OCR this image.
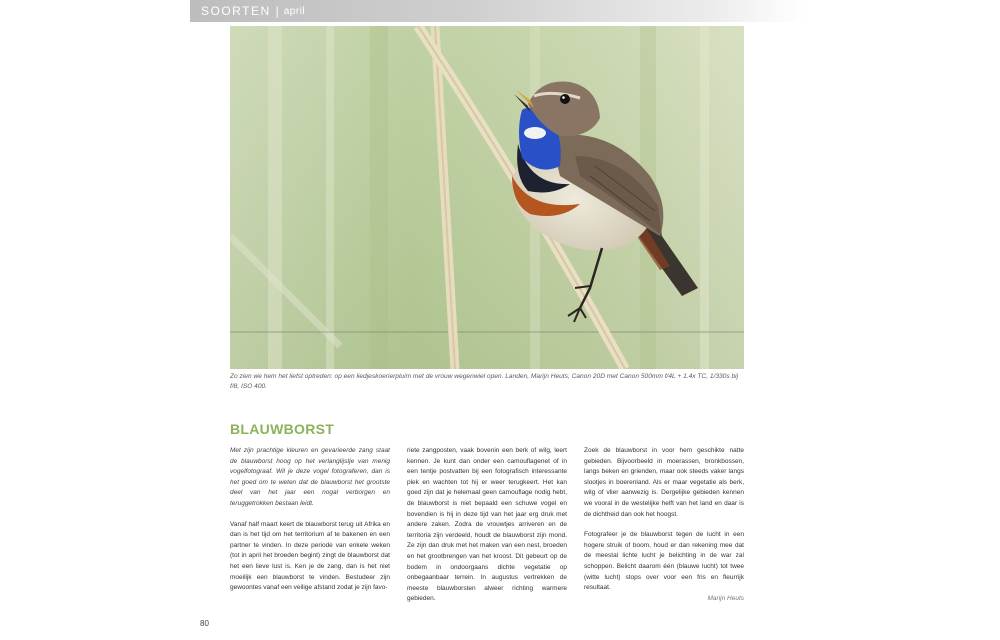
SOORTEN | april
Zo zien we hem het liefst optreden: op een liedjeskoerierpluim met de vrouw wegenwiel open. Landen, Marijn Heuts; Canon 20D met Canon 500mm f/4L + 1.4x TC, 1/330s bij f/8, ISO 400.
BLAUWBORST

Met zijn prachtige kleuren en gevarieerde zang staat de blauwborst hoog op het verlanglijstje van menig vogelfotograaf. Wil je deze vogel fotograferen, dan is het goed om te weten dat de blauwborst het grootste deel van het jaar een nogal verborgen en teruggetrokken bestaan leidt.

Vanaf half maart keert de blauwborst terug uit Afrika en dan is het tijd om het territorium af te bakenen en een partner te vinden. In deze periode van enkele weken (tot in april het broeden begint) zingt de blauwborst dat het een lieve lust is. Ken je de zang, dan is het niet moeilijk een blauwborst te vinden. Bestudeer zijn gewoontes vanaf een veilige afstand zodat je zijn favo-

riete zangposten, vaak bovenin een berk of wilg, leert kennen. Je kunt dan onder een camouflagenet of in een tentje postvatten bij een fotografisch interessante plek en wachten tot hij er weer terugkeert. Het kan goed zijn dat je helemaal geen camouflage nodig hebt, de blauwborst is niet bepaald een schuwe vogel en bovendien is hij in deze tijd van het jaar erg druk met andere zaken. Zodra de vrouwtjes arriveren en de territoria zijn verdeeld, houdt de blauwborst zijn mond. Ze zijn dan druk met het maken van een nest, broeden en het grootbrengen van het kroost. Dit gebeurt op de bodem in ondoorgaans dichte vegetatie op onbegaanbaar terrein. In augustus vertrekken de meeste blauwborsten alweer richting warmere gebieden.

Zoek de blauwborst in voor hem geschikte natte gebieden. Bijvoorbeeld in moerassen, bronkbossen, langs beken en grienden, maar ook steeds vaker langs slootjes in boerenland. Als er maar vegetatie als berk, wilg of vlier aanwezig is. Dergelijke gebieden kennen we vooral in de westelijke helft van het land en daar is de dichtheid dan ook het hoogst.

Fotografeer je de blauwborst tegen de lucht in een hogere struik of boom, houd er dan rekening mee dat de meestal lichte lucht je belichting in de war zal schoppen. Belicht daarom één (blauwe lucht) tot twee (witte lucht) stops over voor een fris en fleurrijk resultaat.

Marijn Heuts

80
